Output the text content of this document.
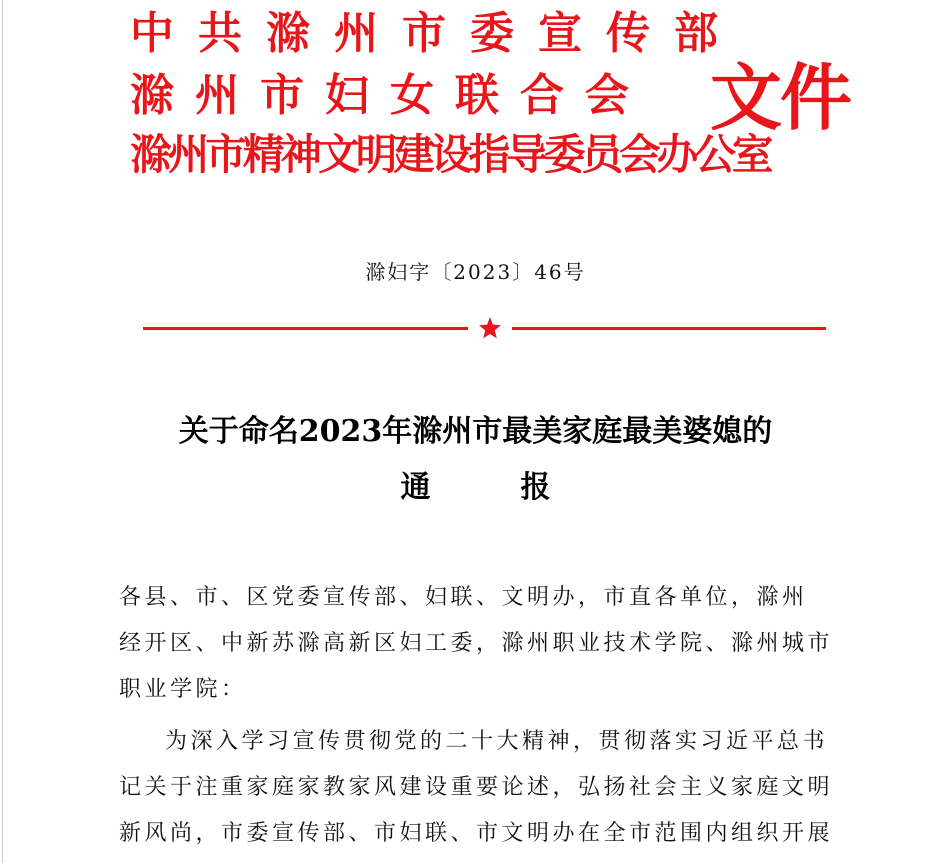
中共滁州市委宣传部
滁州市妇女联合会
滁州市精神文明建设指导委员会办公室
文件
滁妇字〔2023〕46号
关于命名2023年滁州市最美家庭最美婆媳的
通	报
各县、市、区党委宣传部、妇联、文明办，市直各单位，滁州
经开区、中新苏滁高新区妇工委，滁州职业技术学院、滁州城市
职业学院：
为深入学习宣传贯彻党的二十大精神，贯彻落实习近平总书
记关于注重家庭家教家风建设重要论述，弘扬社会主义家庭文明
新风尚，市委宣传部、市妇联、市文明办在全市范围内组织开展
